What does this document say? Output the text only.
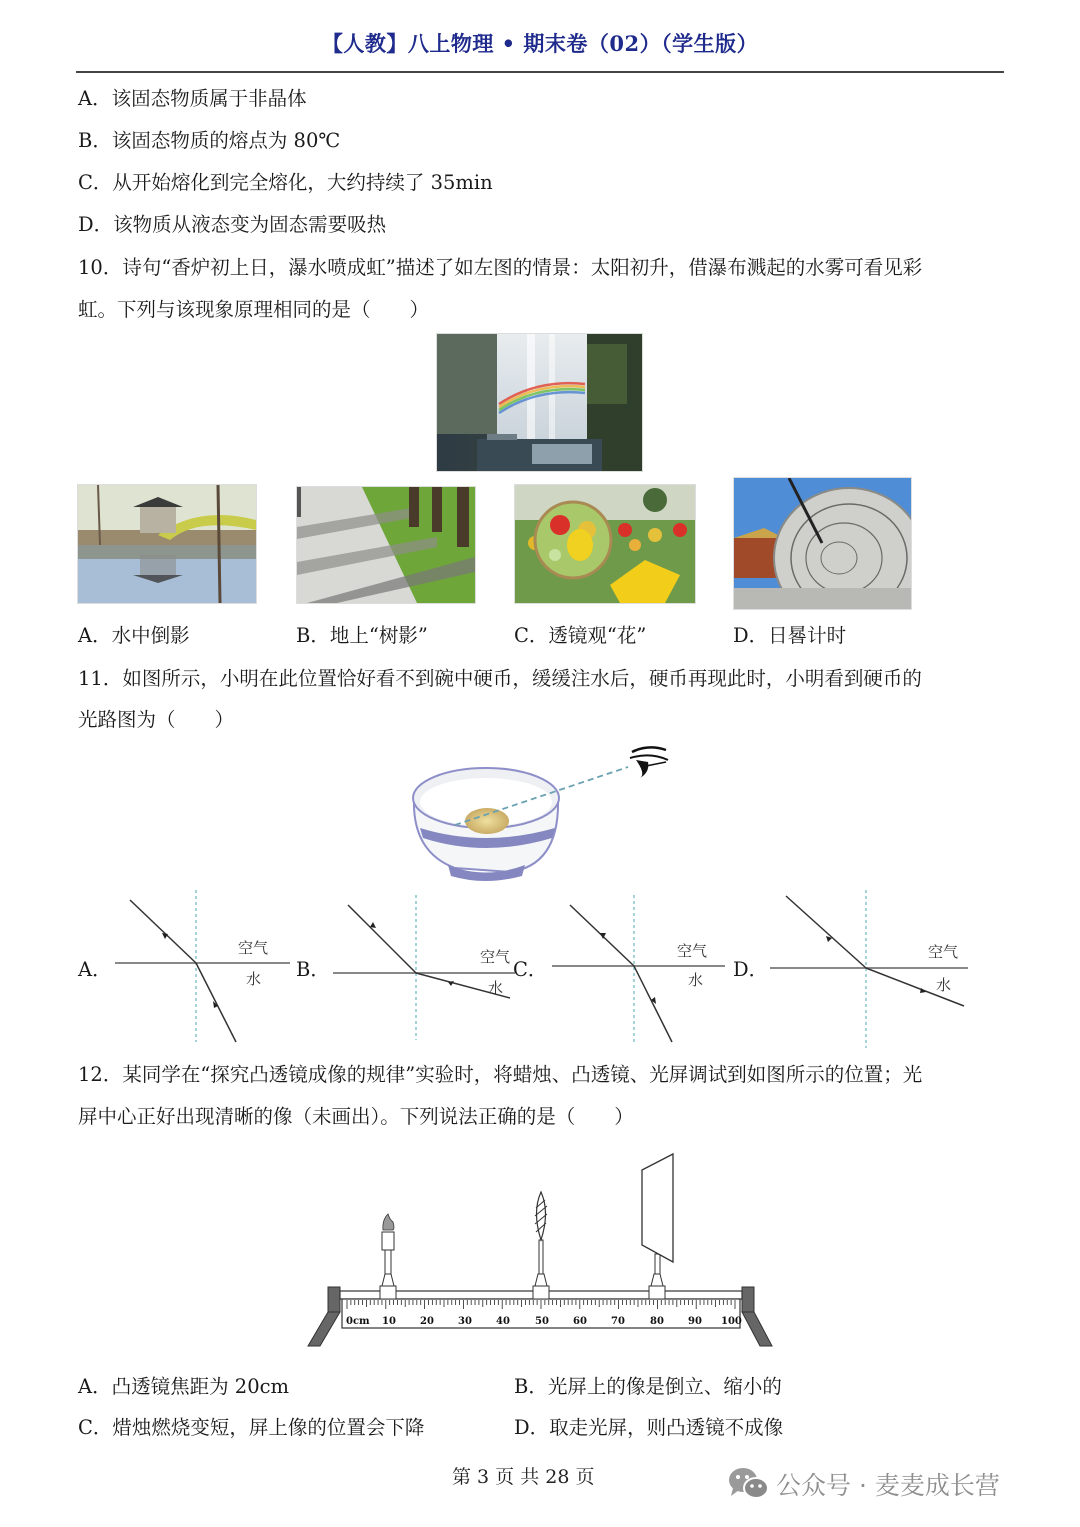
【人教】八上物理 • 期末卷（02）（学生版）
A．该固态物质属于非晶体
B．该固态物质的熔点为 80℃
C．从开始熔化到完全熔化，大约持续了 35min
D．该物质从液态变为固态需要吸热
10．诗句“香炉初上日，瀑水喷成虹”描述了如左图的情景：太阳初升，借瀑布溅起的水雾可看见彩
虹。下列与该现象原理相同的是（　　）
A．水中倒影	B．地上“树影”	C．透镜观“花”	D．日晷计时
11．如图所示，小明在此位置恰好看不到碗中硬币，缓缓注水后，硬币再现此时，小明看到硬币的
光路图为（　　）
A．
空气
水 B．
空气
水
C．
空气
水 D．
空气
水
12．某同学在“探究凸透镜成像的规律”实验时，将蜡烛、凸透镜、光屏调试到如图所示的位置；光
屏中心正好出现清晰的像（未画出）。下列说法正确的是（　　）
0cm 10 20 30 40	50 60 70	80 90 100
A．凸透镜焦距为 20cm	B．光屏上的像是倒立、缩小的
C．焟烛燃烧变短，屏上像的位置会下降	D．取走光屏，则凸透镜不成像
第 3 页 共 28 页	公众号 · 麦麦成长营
